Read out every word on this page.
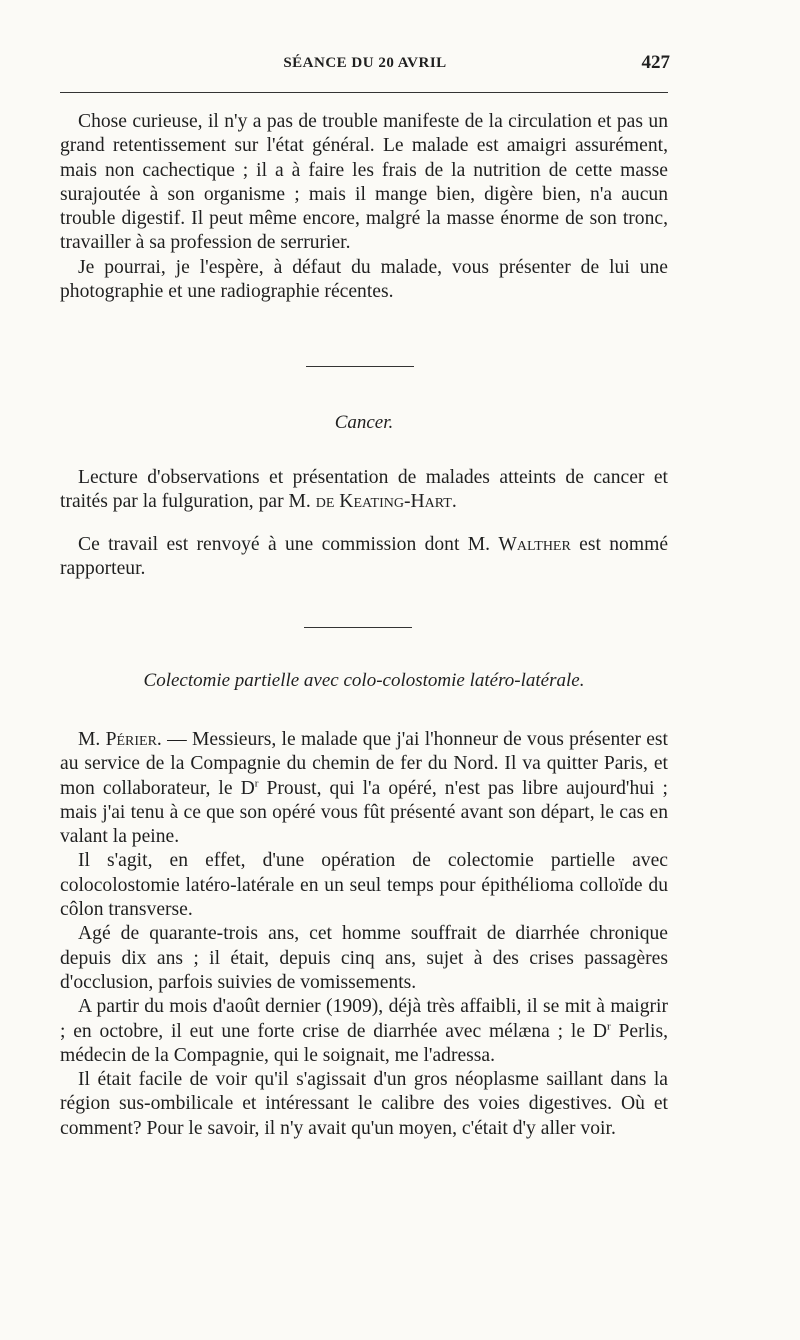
SÉANCE DU 20 AVRIL	427

Chose curieuse, il n'y a pas de trouble manifeste de la circulation et pas un grand retentissement sur l'état général. Le malade est amaigri assurément, mais non cachectique ; il a à faire les frais de la nutrition de cette masse surajoutée à son organisme ; mais il mange bien, digère bien, n'a aucun trouble digestif. Il peut même encore, malgré la masse énorme de son tronc, travailler à sa profession de serrurier.

Je pourrai, je l'espère, à défaut du malade, vous présenter de lui une photographie et une radiographie récentes.

Cancer.

Lecture d'observations et présentation de malades atteints de cancer et traités par la fulguration, par M. de Keating-Hart.

Ce travail est renvoyé à une commission dont M. Walther est nommé rapporteur.

Colectomie partielle avec colo-colostomie latéro-latérale.

M. Périer. — Messieurs, le malade que j'ai l'honneur de vous présenter est au service de la Compagnie du chemin de fer du Nord. Il va quitter Paris, et mon collaborateur, le $D^r$ Proust, qui l'a opéré, n'est pas libre aujourd'hui ; mais j'ai tenu à ce que son opéré vous fût présenté avant son départ, le cas en valant la peine.

Il s'agit, en effet, d'une opération de colectomie partielle avec colocolostomie latéro-latérale en un seul temps pour épithélioma colloïde du côlon transverse.

Agé de quarante-trois ans, cet homme souffrait de diarrhée chronique depuis dix ans ; il était, depuis cinq ans, sujet à des crises passagères d'occlusion, parfois suivies de vomissements.

A partir du mois d'août dernier (1909), déjà très affaibli, il se mit à maigrir ; en octobre, il eut une forte crise de diarrhée avec mélæna ; le $D^r$ Perlis, médecin de la Compagnie, qui le soignait, me l'adressa.

Il était facile de voir qu'il s'agissait d'un gros néoplasme saillant dans la région sus-ombilicale et intéressant le calibre des voies digestives. Où et comment? Pour le savoir, il n'y avait qu'un moyen, c'était d'y aller voir.
